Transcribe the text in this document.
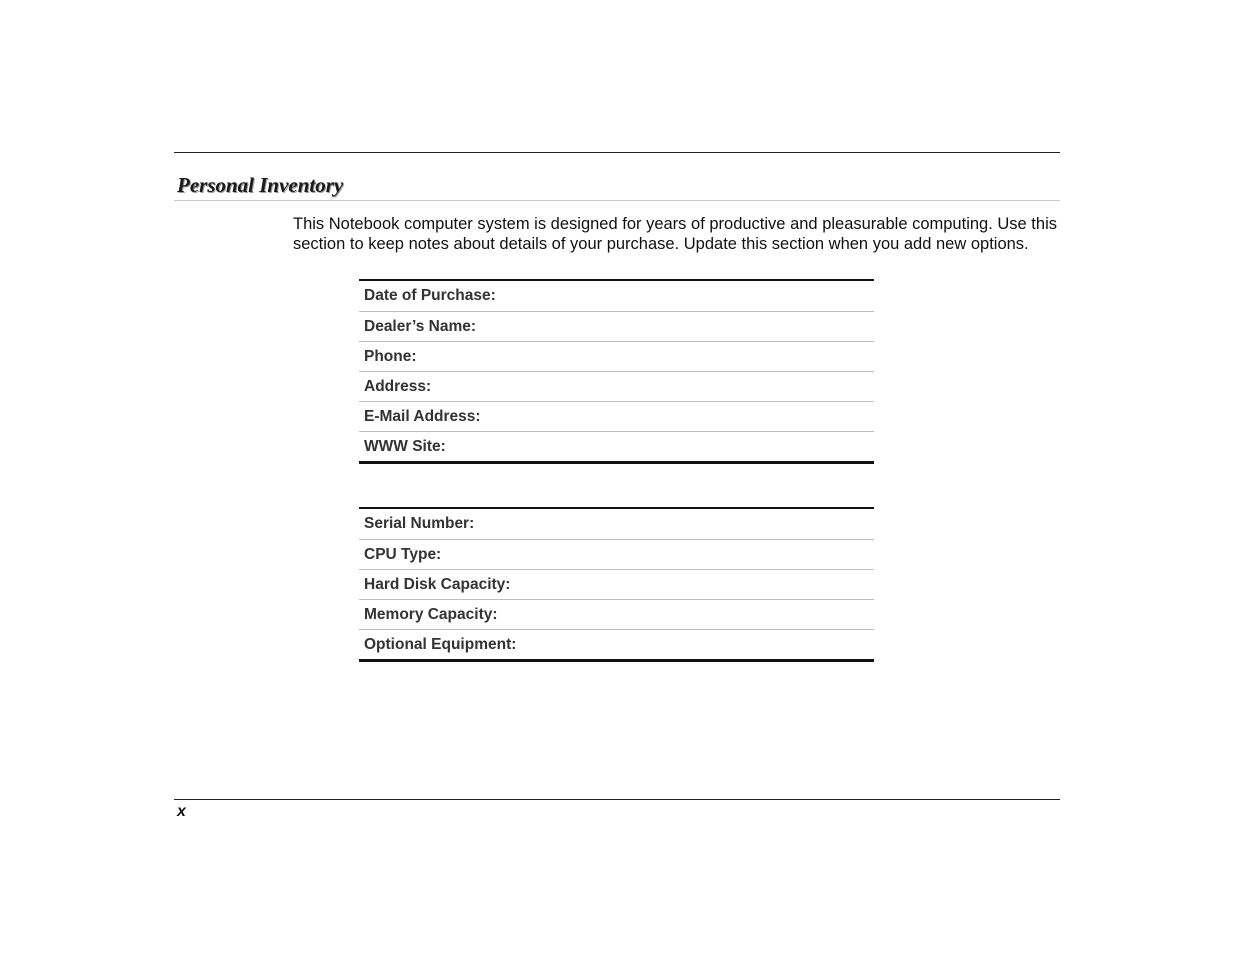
Personal Inventory

This Notebook computer system is designed for years of productive and pleasurable computing. Use this section to keep notes about details of your purchase. Update this section when you add new options.

Date of Purchase:
Dealer’s Name:
Phone:
Address:
E-Mail Address:
WWW Site:
Serial Number:
CPU Type:
Hard Disk Capacity:
Memory Capacity:
Optional Equipment:
x
